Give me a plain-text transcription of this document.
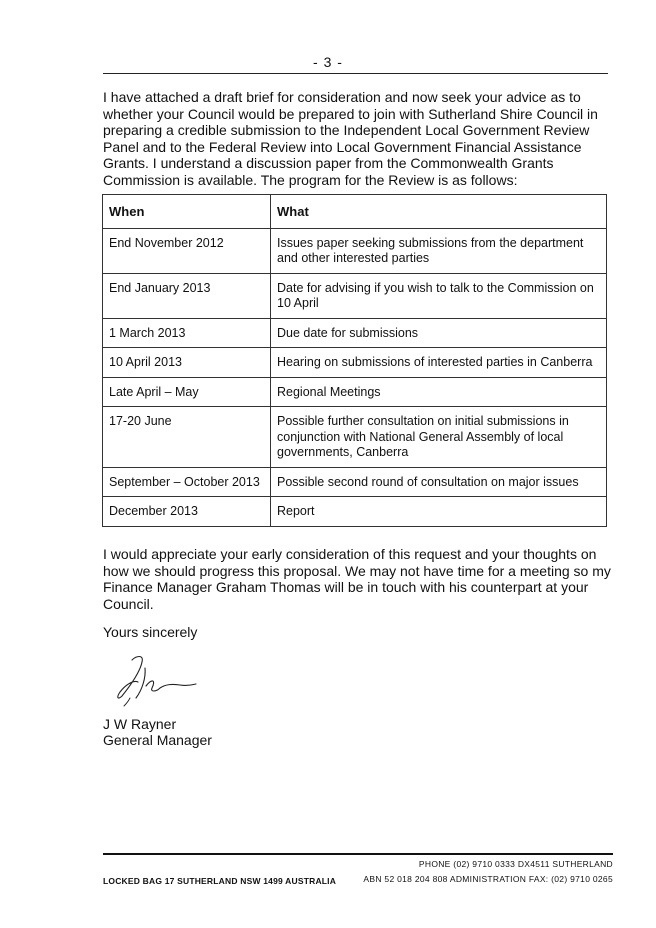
- 3 -

I have attached a draft brief for consideration and now seek your advice as to whether your Council would be prepared to join with Sutherland Shire Council in preparing a credible submission to the Independent Local Government Review Panel and to the Federal Review into Local Government Financial Assistance Grants. I understand a discussion paper from the Commonwealth Grants Commission is available. The program for the Review is as follows:

When	What
End November 2012	Issues paper seeking submissions from the department and other interested parties
End January 2013	Date for advising if you wish to talk to the Commission on 10 April
1 March 2013	Due date for submissions
10 April 2013	Hearing on submissions of interested parties in Canberra
Late April – May	Regional Meetings
17-20 June	Possible further consultation on initial submissions in conjunction with National General Assembly of local governments, Canberra
September – October 2013	Possible second round of consultation on major issues
December 2013	Report

I would appreciate your early consideration of this request and your thoughts on how we should progress this proposal. We may not have time for a meeting so my Finance Manager Graham Thomas will be in touch with his counterpart at your Council.

Yours sincerely

J W Rayner

General Manager

PHONE (02) 9710 0333 DX4511 SUTHERLAND
LOCKED BAG 17 SUTHERLAND NSW 1499 AUSTRALIA	ABN 52 018 204 808 ADMINISTRATION FAX: (02) 9710 0265
